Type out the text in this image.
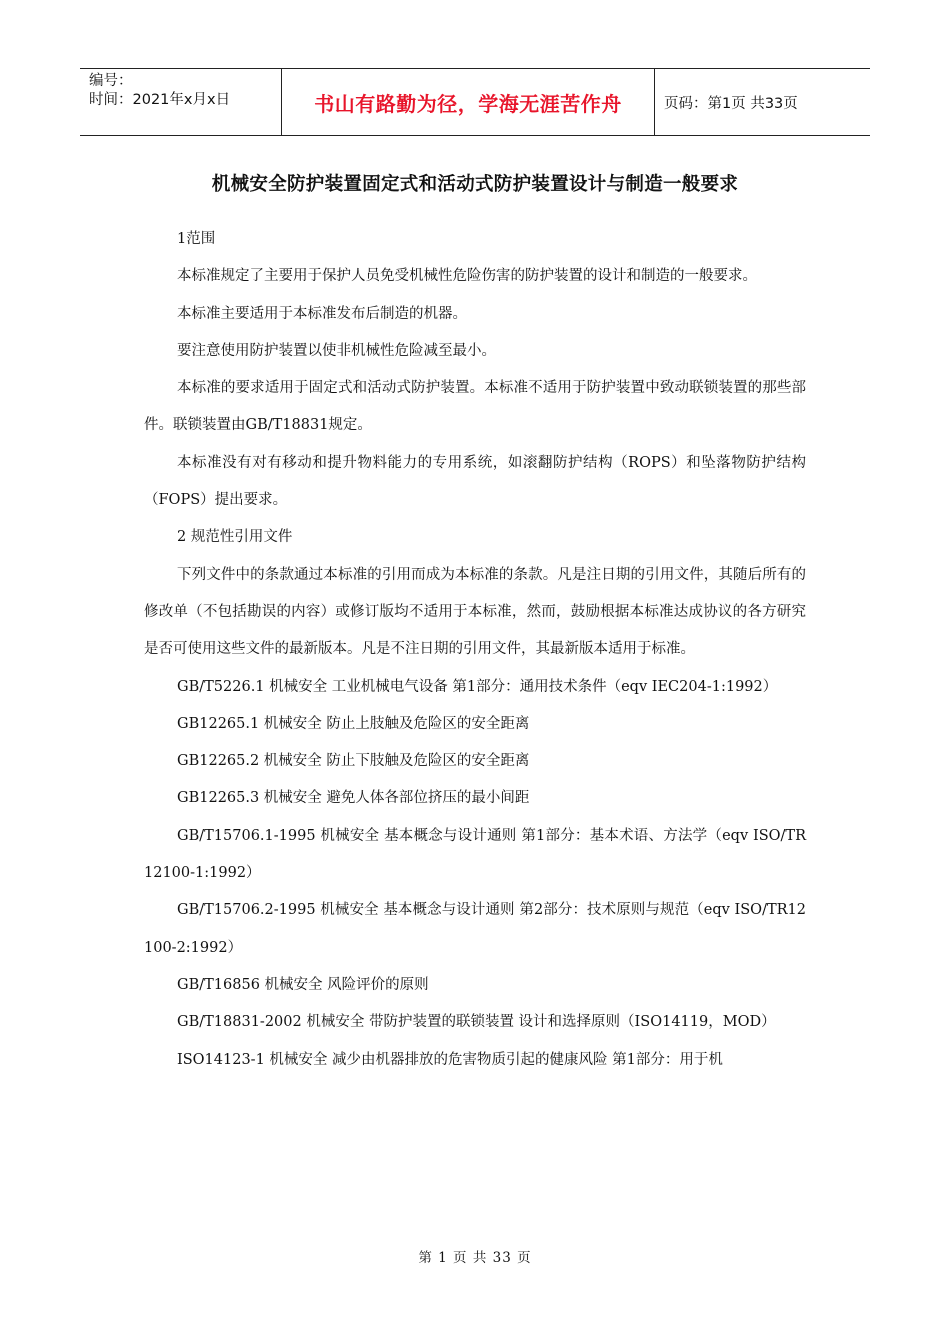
编号：
时间：2021年x月x日	书山有路勤为径，学海无涯苦作舟	页码：第1页 共33页
机械安全防护装置固定式和活动式防护装置设计与制造一般要求

1范围

本标准规定了主要用于保护人员免受机械性危险伤害的防护装置的设计和制造的一般要求。

本标准主要适用于本标准发布后制造的机器。

要注意使用防护装置以使非机械性危险减至最小。

本标准的要求适用于固定式和活动式防护装置。本标准不适用于防护装置中致动联锁装置的那些部件。联锁装置由GB/T18831规定。

本标准没有对有移动和提升物料能力的专用系统，如滚翻防护结构（ROPS）和坠落物防护结构（FOPS）提出要求。

2 规范性引用文件

下列文件中的条款通过本标准的引用而成为本标准的条款。凡是注日期的引用文件，其随后所有的修改单（不包括勘误的内容）或修订版均不适用于本标准，然而，鼓励根据本标准达成协议的各方研究是否可使用这些文件的最新版本。凡是不注日期的引用文件，其最新版本适用于标准。

GB/T5226.1 机械安全 工业机械电气设备 第1部分：通用技术条件（eqv IEC204-1:1992）

GB12265.1 机械安全 防止上肢触及危险区的安全距离

GB12265.2 机械安全 防止下肢触及危险区的安全距离

GB12265.3 机械安全 避免人体各部位挤压的最小间距

GB/T15706.1-1995 机械安全 基本概念与设计通则 第1部分：基本术语、方法学（eqv ISO/TR12100-1:1992）

GB/T15706.2-1995 机械安全 基本概念与设计通则 第2部分：技术原则与规范（eqv ISO/TR12100-2:1992）

GB/T16856 机械安全 风险评价的原则

GB/T18831-2002 机械安全 带防护装置的联锁装置 设计和选择原则（ISO14119，MOD）

ISO14123-1 机械安全 减少由机器排放的危害物质引起的健康风险 第1部分：用于机

第 1 页 共 33 页
